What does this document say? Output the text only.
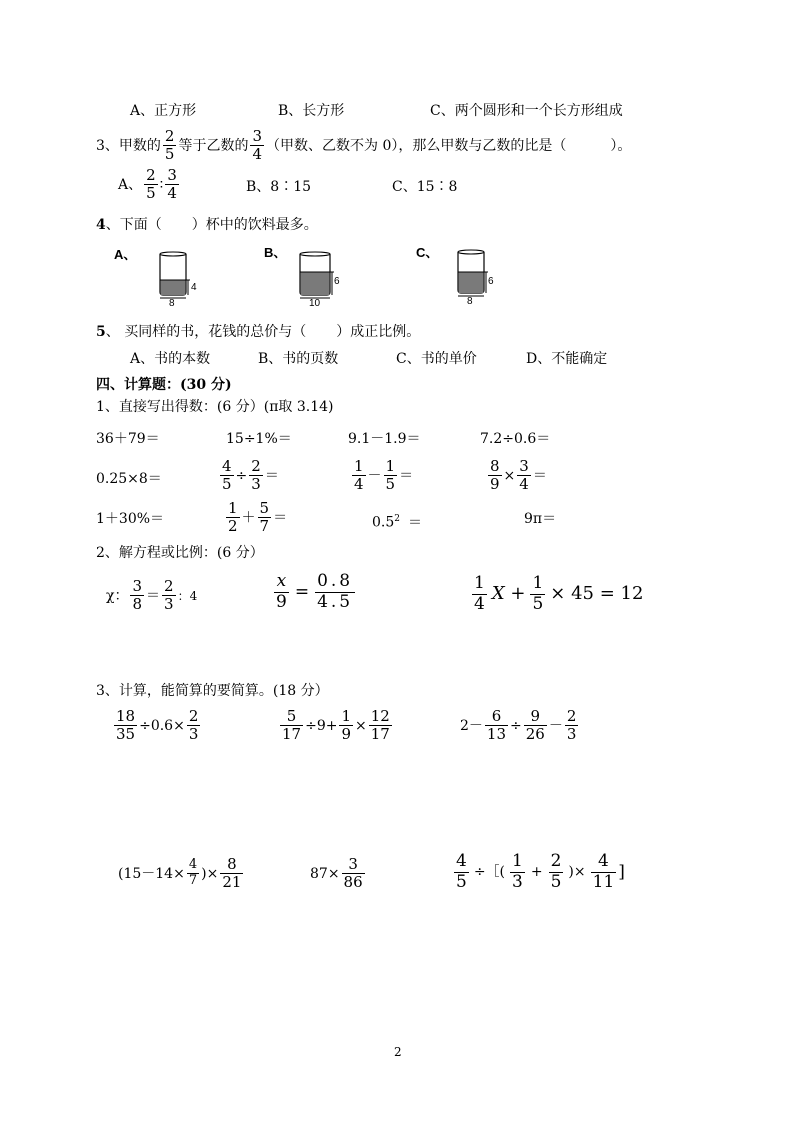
A、正方形	B、长方形	C、两个圆形和一个长方形组成
3、甲数的 $\frac{2}{5}$ 等于乙数的 $\frac{3}{4}$ （甲数、乙数不为 0），那么甲数与乙数的比是（	）。
A、 $\frac{2}{5}$ ∶ $\frac{3}{4}$	B、8∶15	C、15∶8
4、下面（ ）杯中的饮料最多。
A、
4
8
B、
6
10
C、
6
8
5、 买同样的书，花钱的总价与（ ）成正比例。
A、书的本数	B、书的页数	C、书的单价	D、不能确定
四、计算题：(30 分)
1、直接写出得数：(6 分）(π取 3.14)
36＋79＝	15÷1%＝	9.1－1.9＝	7.2÷0.6＝
0.25×8＝	$\frac{4}{5} \div \frac{2}{3}$ ＝	$\frac{1}{4} - \frac{1}{5}$ ＝	$\frac{8}{9} \times \frac{3}{4}$ ＝
1＋30%＝	$\frac{1}{2} + \frac{5}{7}$ ＝	$0.5^2$ ＝	9π＝
2、解方程或比例：(6 分）
χ： $\frac{3}{8} = \frac{2}{3}$ ：4	$\frac{x}{9} = \frac{0.8}{4.5}$	$\frac{1}{4}$ $X + \frac{1}{5} \times 45 = 12$
3、计算，能简算的要简算。(18 分）
$\frac{18}{35} \div 0.6\times \frac{2}{3}$	$\frac{5}{17} \div 9+ \frac{1}{9} \times \frac{12}{17}$	$2- \frac{6}{13} \div \frac{9}{26} - \frac{2}{3}$
($15-14\times \frac{4}{7}$ )× $\frac{8}{21}$	$87\times \frac{3}{86}$	$\frac{4}{5}$ ÷［( $\frac{1}{3} + \frac{2}{5}$ )× $\frac{4}{11}$ ]
2
